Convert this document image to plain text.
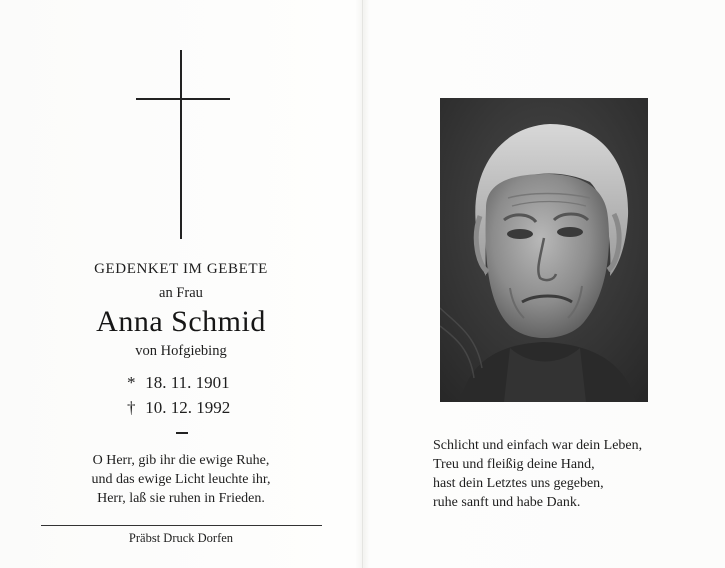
GEDENKET IM GEBETE
an Frau
Anna Schmid
von Hofgiebing
* 18. 11. 1901
† 10. 12. 1992
O Herr, gib ihr die ewige Ruhe,
und das ewige Licht leuchte ihr,
Herr, laß sie ruhen in Frieden.
Präbst Druck Dorfen
Schlicht und einfach war dein Leben,
Treu und fleißig deine Hand,
hast dein Letztes uns gegeben,
ruhe sanft und habe Dank.
